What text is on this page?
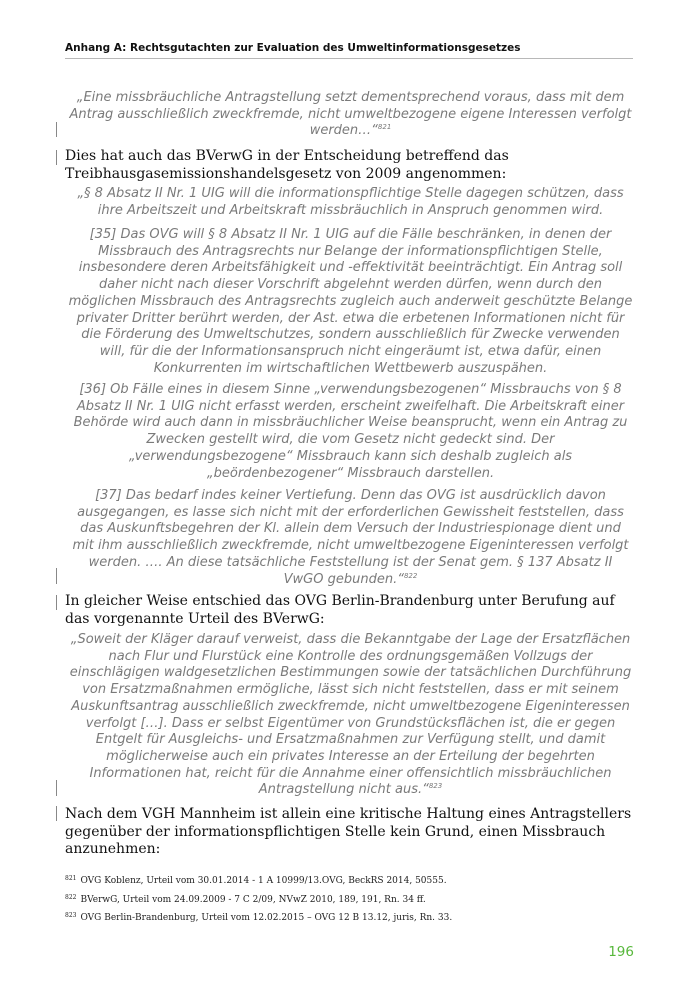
Anhang A: Rechtsgutachten zur Evaluation des Umweltinformationsgesetzes
„Eine missbräuchliche Antragstellung setzt dementsprechend voraus, dass mit dem Antrag ausschließlich zweckfremde, nicht umweltbezogene eigene Interessen verfolgt werden…“$^{821}$
Dies hat auch das BVerwG in der Entscheidung betreffend das Treibhausgasemissionshandelsgesetz von 2009 angenommen:
„§ 8 Absatz II Nr. 1 UIG will die informationspflichtige Stelle dagegen schützen, dass ihre Arbeitszeit und Arbeitskraft missbräuchlich in Anspruch genommen wird.
[35] Das OVG will § 8 Absatz II Nr. 1 UIG auf die Fälle beschränken, in denen der Missbrauch des Antragsrechts nur Belange der informationspflichtigen Stelle, insbesondere deren Arbeitsfähigkeit und -effektivität beeinträchtigt. Ein Antrag soll daher nicht nach dieser Vorschrift abgelehnt werden dürfen, wenn durch den möglichen Missbrauch des Antragsrechts zugleich auch anderweit geschützte Belange privater Dritter berührt werden, der Ast. etwa die erbetenen Informationen nicht für die Förderung des Umweltschutzes, sondern ausschließlich für Zwecke verwenden will, für die der Informationsanspruch nicht eingeräumt ist, etwa dafür, einen Konkurrenten im wirtschaftlichen Wettbewerb auszuspähen.
[36] Ob Fälle eines in diesem Sinne „verwendungsbezogenen“ Missbrauchs von § 8 Absatz II Nr. 1 UIG nicht erfasst werden, erscheint zweifelhaft. Die Arbeitskraft einer Behörde wird auch dann in missbräuchlicher Weise beansprucht, wenn ein Antrag zu Zwecken gestellt wird, die vom Gesetz nicht gedeckt sind. Der „verwendungsbezogene“ Missbrauch kann sich deshalb zugleich als „beördenbezogener“ Missbrauch darstellen.
[37] Das bedarf indes keiner Vertiefung. Denn das OVG ist ausdrücklich davon ausgegangen, es lasse sich nicht mit der erforderlichen Gewissheit feststellen, dass das Auskunftsbegehren der Kl. allein dem Versuch der Industriespionage dient und mit ihm ausschließlich zweckfremde, nicht umweltbezogene Eigeninteressen verfolgt werden. …. An diese tatsächliche Feststellung ist der Senat gem. § 137 Absatz II VwGO gebunden.“$^{822}$
In gleicher Weise entschied das OVG Berlin-Brandenburg unter Berufung auf das vorgenannte Urteil des BVerwG:
„Soweit der Kläger darauf verweist, dass die Bekanntgabe der Lage der Ersatzflächen nach Flur und Flurstück eine Kontrolle des ordnungsgemäßen Vollzugs der einschlägigen waldgesetzlichen Bestimmungen sowie der tatsächlichen Durchführung von Ersatzmaßnahmen ermögliche, lässt sich nicht feststellen, dass er mit seinem Auskunftsantrag ausschließlich zweckfremde, nicht umweltbezogene Eigeninteressen verfolgt […]. Dass er selbst Eigentümer von Grundstücksflächen ist, die er gegen Entgelt für Ausgleichs- und Ersatzmaßnahmen zur Verfügung stellt, und damit möglicherweise auch ein privates Interesse an der Erteilung der begehrten Informationen hat, reicht für die Annahme einer offensichtlich missbräuchlichen Antragstellung nicht aus.“$^{823}$
Nach dem VGH Mannheim ist allein eine kritische Haltung eines Antragstellers gegenüber der informationspflichtigen Stelle kein Grund, einen Missbrauch anzunehmen:
$^{821}$ OVG Koblenz, Urteil vom 30.01.2014 - 1 A 10999/13.OVG, BeckRS 2014, 50555.
$^{822}$ BVerwG, Urteil vom 24.09.2009 - 7 C 2/09, NVwZ 2010, 189, 191, Rn. 34 ff.
$^{823}$ OVG Berlin-Brandenburg, Urteil vom 12.02.2015 – OVG 12 B 13.12, juris, Rn. 33.
196
